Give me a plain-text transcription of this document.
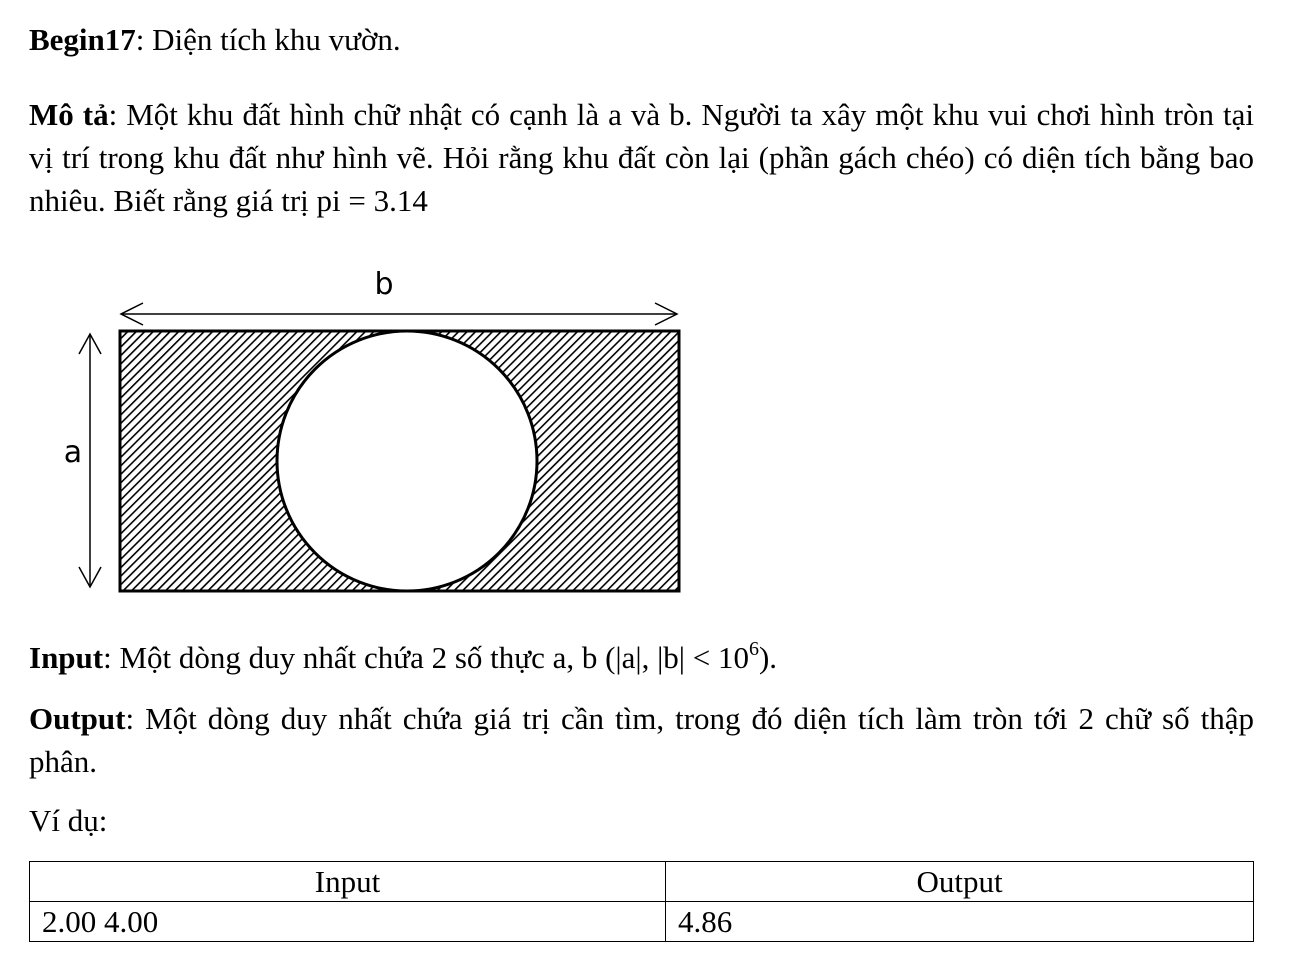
Begin17: Diện tích khu vườn.

Mô tả: Một khu đất hình chữ nhật có cạnh là a và b. Người ta xây một khu vui chơi hình tròn tại vị trí trong khu đất như hình vẽ. Hỏi rằng khu đất còn lại (phần gách chéo) có diện tích bằng bao nhiêu. Biết rằng giá trị pi = 3.14

b
a

Input: Một dòng duy nhất chứa 2 số thực a, b (|a|, $|b| < 10^6$).

Output: Một dòng duy nhất chứa giá trị cần tìm, trong đó diện tích làm tròn tới 2 chữ số thập phân.

Ví dụ:

Input	Output
2.00 4.00	4.86
